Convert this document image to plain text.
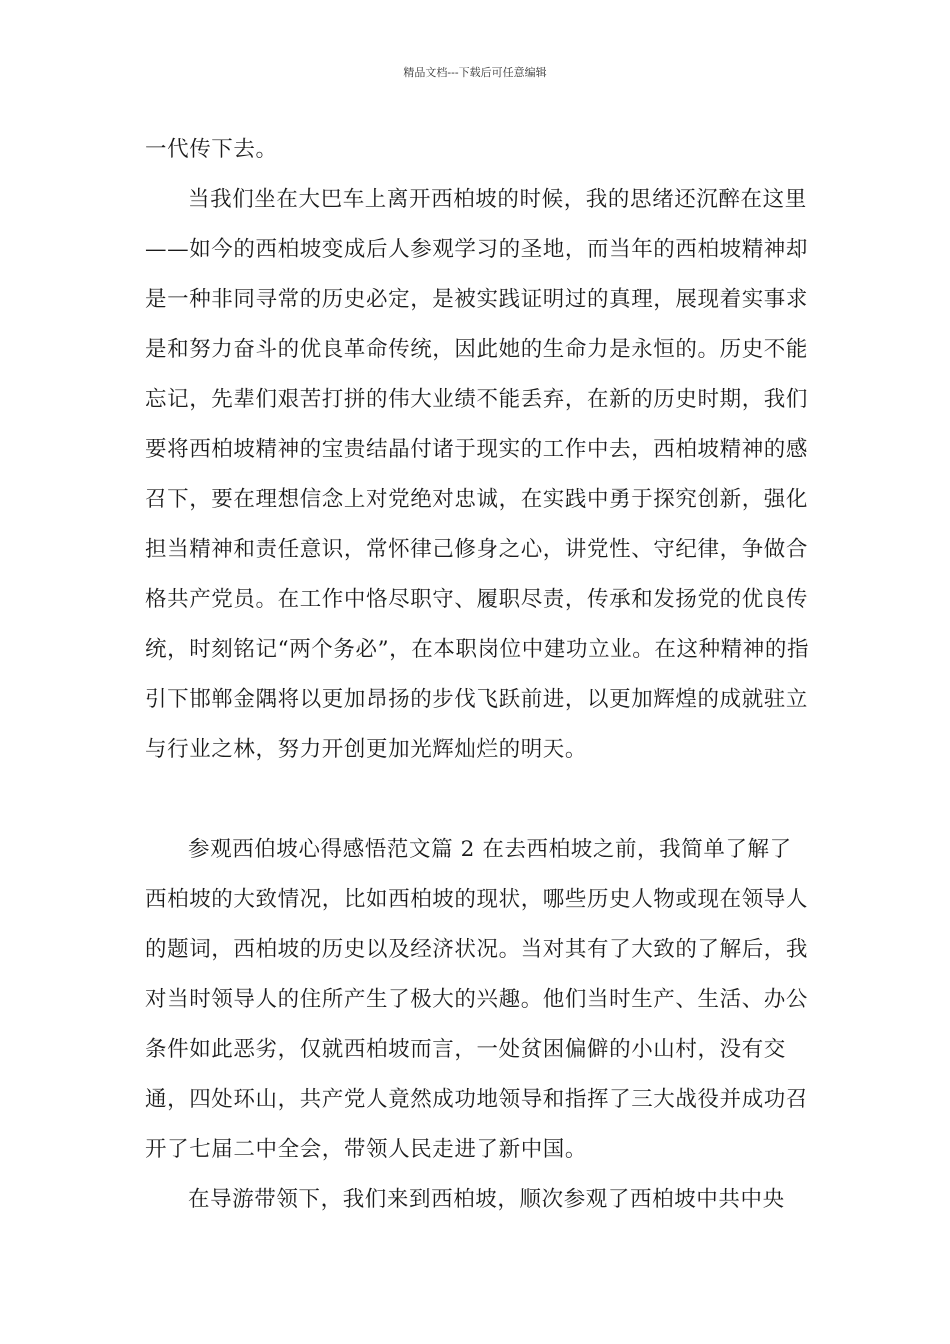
精品文档---下载后可任意编辑

一代传下去。

当我们坐在大巴车上离开西柏坡的时候，我的思绪还沉醉在这里——如今的西柏坡变成后人参观学习的圣地，而当年的西柏坡精神却是一种非同寻常的历史必定，是被实践证明过的真理，展现着实事求是和努力奋斗的优良革命传统，因此她的生命力是永恒的。历史不能忘记，先辈们艰苦打拼的伟大业绩不能丢弃，在新的历史时期，我们要将西柏坡精神的宝贵结晶付诸于现实的工作中去，西柏坡精神的感召下，要在理想信念上对党绝对忠诚，在实践中勇于探究创新，强化担当精神和责任意识，常怀律己修身之心，讲党性、守纪律，争做合格共产党员。在工作中恪尽职守、履职尽责，传承和发扬党的优良传统，时刻铭记“两个务必”，在本职岗位中建功立业。在这种精神的指引下邯郸金隅将以更加昂扬的步伐飞跃前进，以更加辉煌的成就驻立与行业之林，努力开创更加光辉灿烂的明天。

参观西伯坡心得感悟范文篇 2 在去西柏坡之前，我简单了解了西柏坡的大致情况，比如西柏坡的现状，哪些历史人物或现在领导人的题词，西柏坡的历史以及经济状况。当对其有了大致的了解后，我对当时领导人的住所产生了极大的兴趣。他们当时生产、生活、办公条件如此恶劣，仅就西柏坡而言，一处贫困偏僻的小山村，没有交通，四处环山，共产党人竟然成功地领导和指挥了三大战役并成功召开了七届二中全会，带领人民走进了新中国。

在导游带领下，我们来到西柏坡，顺次参观了西柏坡中共中央
